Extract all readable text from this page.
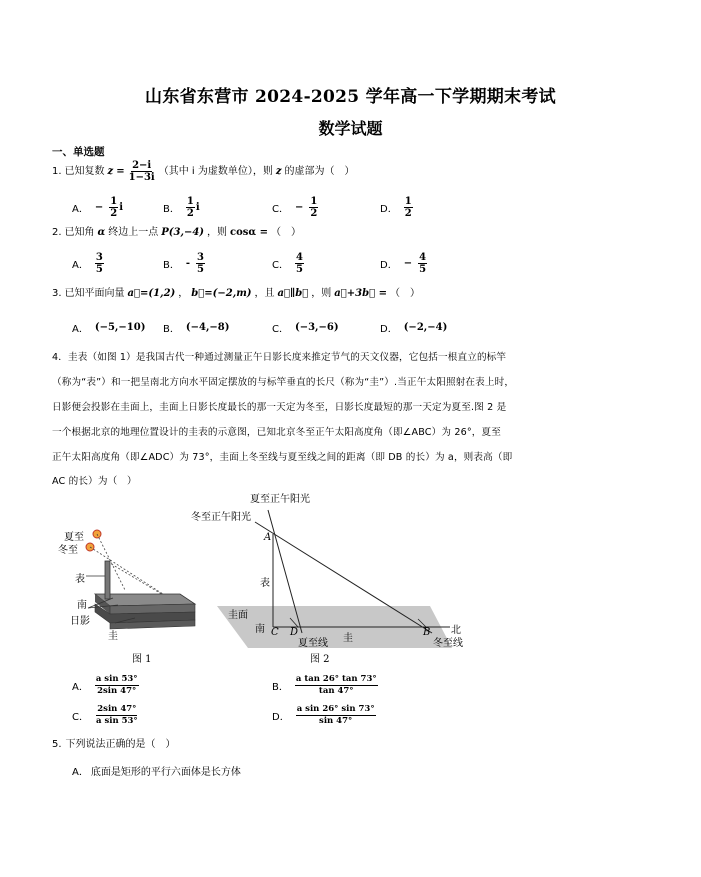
山东省东营市 2024-2025 学年高一下学期期末考试
数学试题
一、单选题
1. 已知复数 $z = \frac{2-i}{1-3i}$ （其中 i 为虚数单位），则 z 的虚部为（　）
A． − $\frac{1}{2}$ i	B． $\frac{1}{2}$ i	C． − $\frac{1}{2}$	D． $\frac{1}{2}$
2. 已知角 α 终边上一点 P(3,−4) ，则 cosα = （　）
A． $\frac{3}{5}$	B． - $\frac{3}{5}$	C． $\frac{4}{5}$	D． − $\frac{4}{5}$
3. 已知平面向量 a⃗=(1,2) ， b⃗=(−2,m) ，且 a⃗∥b⃗ ，则 a⃗+3b⃗ = （　）
A． (−5,−10) B． (−4,−8)	C． (−3,−6)	D． (−2,−4)
4．圭表（如图 1）是我国古代一种通过测量正午日影长度来推定节气的天文仪器，它包括一根直立的标竿
（称为“表”）和一把呈南北方向水平固定摆放的与标竿垂直的长尺（称为“圭”）.当正午太阳照射在表上时，
日影便会投影在圭面上，圭面上日影长度最长的那一天定为冬至，日影长度最短的那一天定为夏至.图 2 是
一个根据北京的地理位置设计的圭表的示意图，已知北京冬至正午太阳高度角（即∠ABC）为 26°，夏至
正午太阳高度角（即∠ADC）为 73°，圭面上冬至线与夏至线之间的距离（即 DB 的长）为 a，则表高（即
AC 的长）为（　）
夏至
冬至
表
南
日影
圭
图 1
夏至正午阳光
冬至正午阳光
A
表
圭面
南 C D
夏至线 圭
B 北
冬至线
图 2
A． $\frac{\text{a sin 53°}}{2\sin 47^\circ}$	B． $\frac{\text{a tan 26° tan 73°}}{\tan 47^\circ}$
C． $\frac{2\sin 47^\circ}{\text{a sin 53°}}$	D． $\frac{\text{a sin 26° sin 73°}}{\sin 47^\circ}$
5. 下列说法正确的是（　）
A． 底面是矩形的平行六面体是长方体
